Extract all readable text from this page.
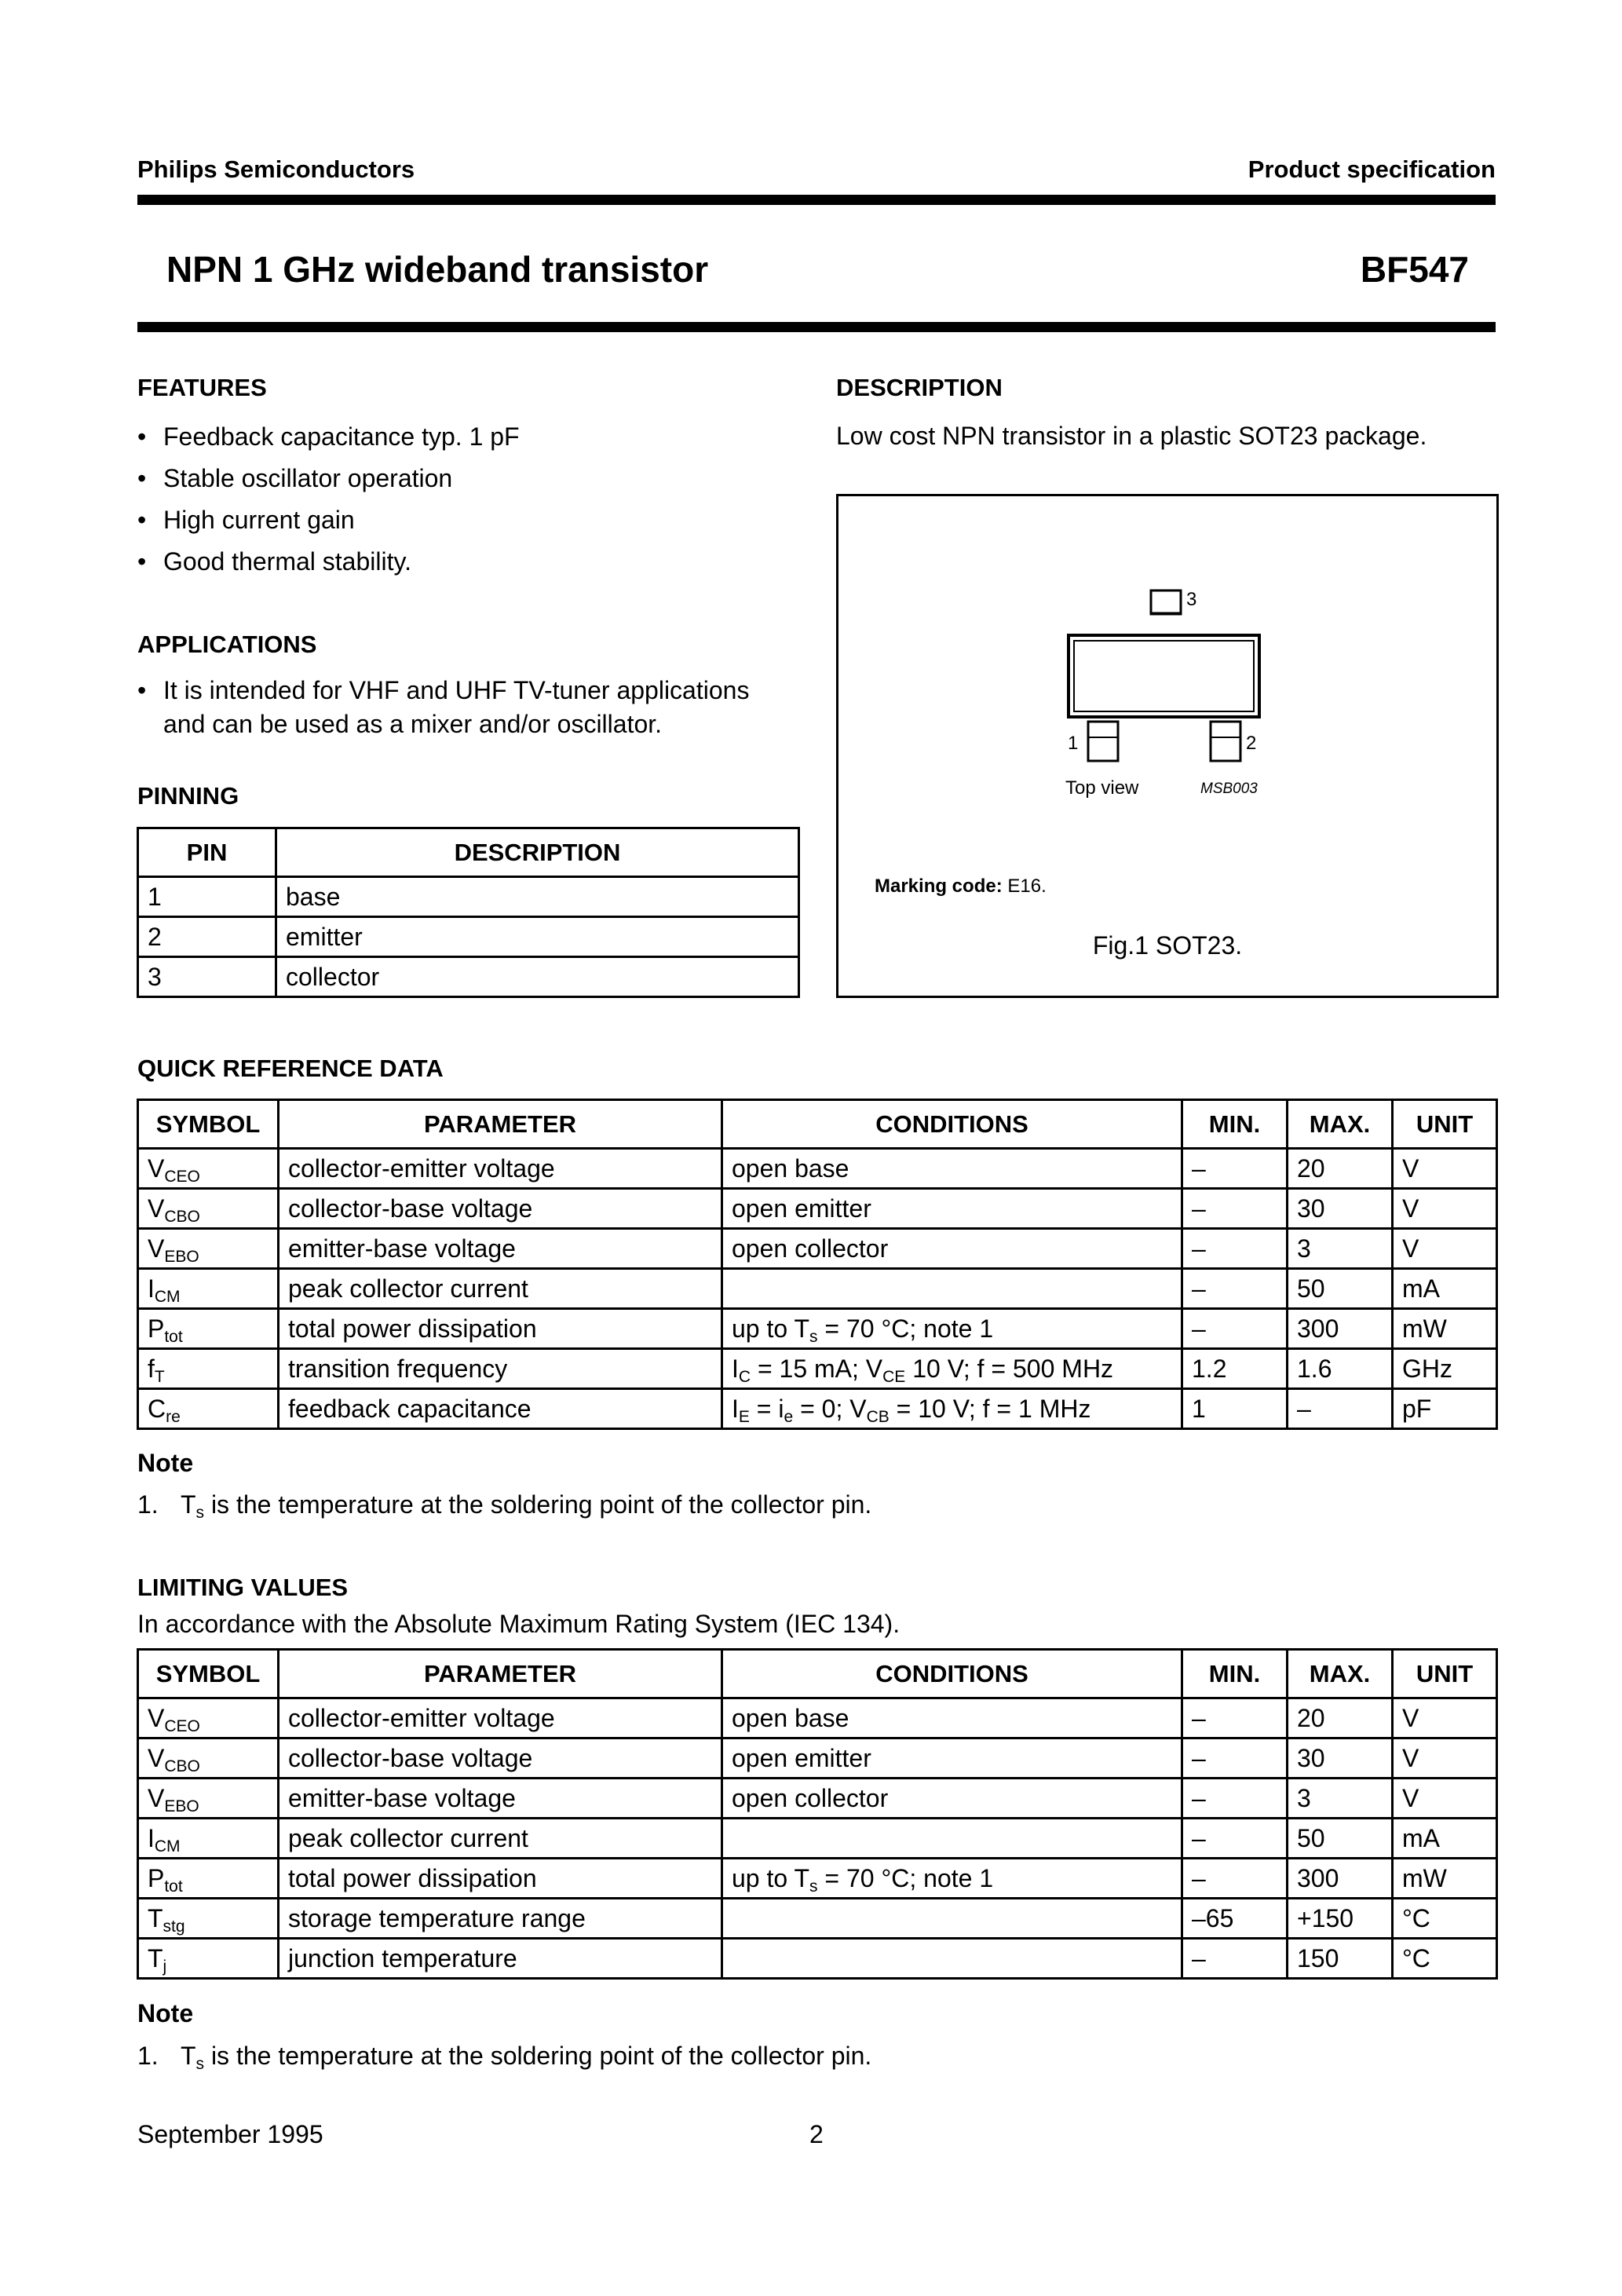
Philips Semiconductors	Product specification
NPN 1 GHz wideband transistor	BF547
FEATURES
• Feedback capacitance typ. 1 pF
• Stable oscillator operation
• High current gain
• Good thermal stability.
APPLICATIONS
• It is intended for VHF and UHF TV-tuner applications and can be used as a mixer and/or oscillator.
PINNING
PIN	DESCRIPTION
1	base
2	emitter
3	collector
DESCRIPTION
Low cost NPN transistor in a plastic SOT23 package.
3
1	2
Top view	MSB003
Marking code: E16.
Fig.1 SOT23.
QUICK REFERENCE DATA
SYMBOL	PARAMETER	CONDITIONS	MIN.	MAX.	UNIT
$V_{CEO}$	collector-emitter voltage	open base	–	20	V
$V_{CBO}$	collector-base voltage	open emitter	–	30	V
$V_{EBO}$	emitter-base voltage	open collector	–	3	V
$I_{CM}$	peak collector current		–	50	mA
$P_{tot}$	total power dissipation	up to $T_s = 70$ °C; note 1	–	300	mW
$f_T$	transition frequency	$I_C = 15$ mA; $V_{CE}$ 10 V; f = 500 MHz	1.2	1.6	GHz
$C_{re}$	feedback capacitance	$I_E = i_e = 0$; $V_{CB} = 10$ V; f = 1 MHz	1	–	pF
Note
1. $T_s$ is the temperature at the soldering point of the collector pin.
LIMITING VALUES
In accordance with the Absolute Maximum Rating System (IEC 134).
SYMBOL	PARAMETER	CONDITIONS	MIN.	MAX.	UNIT
$V_{CEO}$	collector-emitter voltage	open base	–	20	V
$V_{CBO}$	collector-base voltage	open emitter	–	30	V
$V_{EBO}$	emitter-base voltage	open collector	–	3	V
$I_{CM}$	peak collector current		–	50	mA
$P_{tot}$	total power dissipation	up to $T_s = 70$ °C; note 1	–	300	mW
$T_{stg}$	storage temperature range		–65	+150	°C
$T_j$	junction temperature		–	150	°C
Note
1. $T_s$ is the temperature at the soldering point of the collector pin.
September 1995	2
